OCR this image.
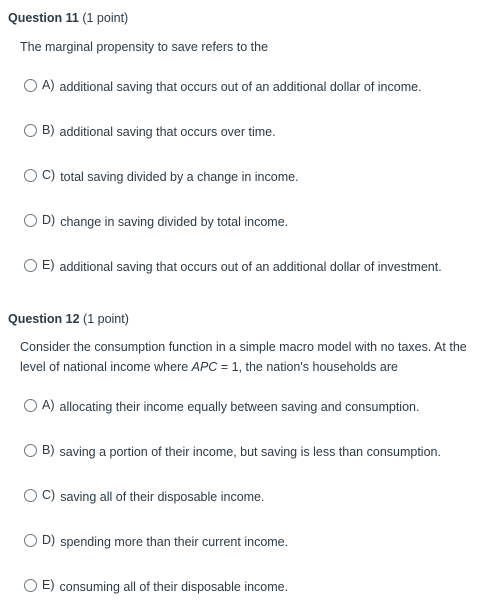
Question 11 (1 point)
The marginal propensity to save refers to the
A) additional saving that occurs out of an additional dollar of income.
B) additional saving that occurs over time.
C) total saving divided by a change in income.
D) change in saving divided by total income.
E) additional saving that occurs out of an additional dollar of investment.
Question 12 (1 point)
Consider the consumption function in a simple macro model with no taxes. At the level of national income where APC = 1, the nation's households are
A) allocating their income equally between saving and consumption.
B) saving a portion of their income, but saving is less than consumption.
C) saving all of their disposable income.
D) spending more than their current income.
E) consuming all of their disposable income.
